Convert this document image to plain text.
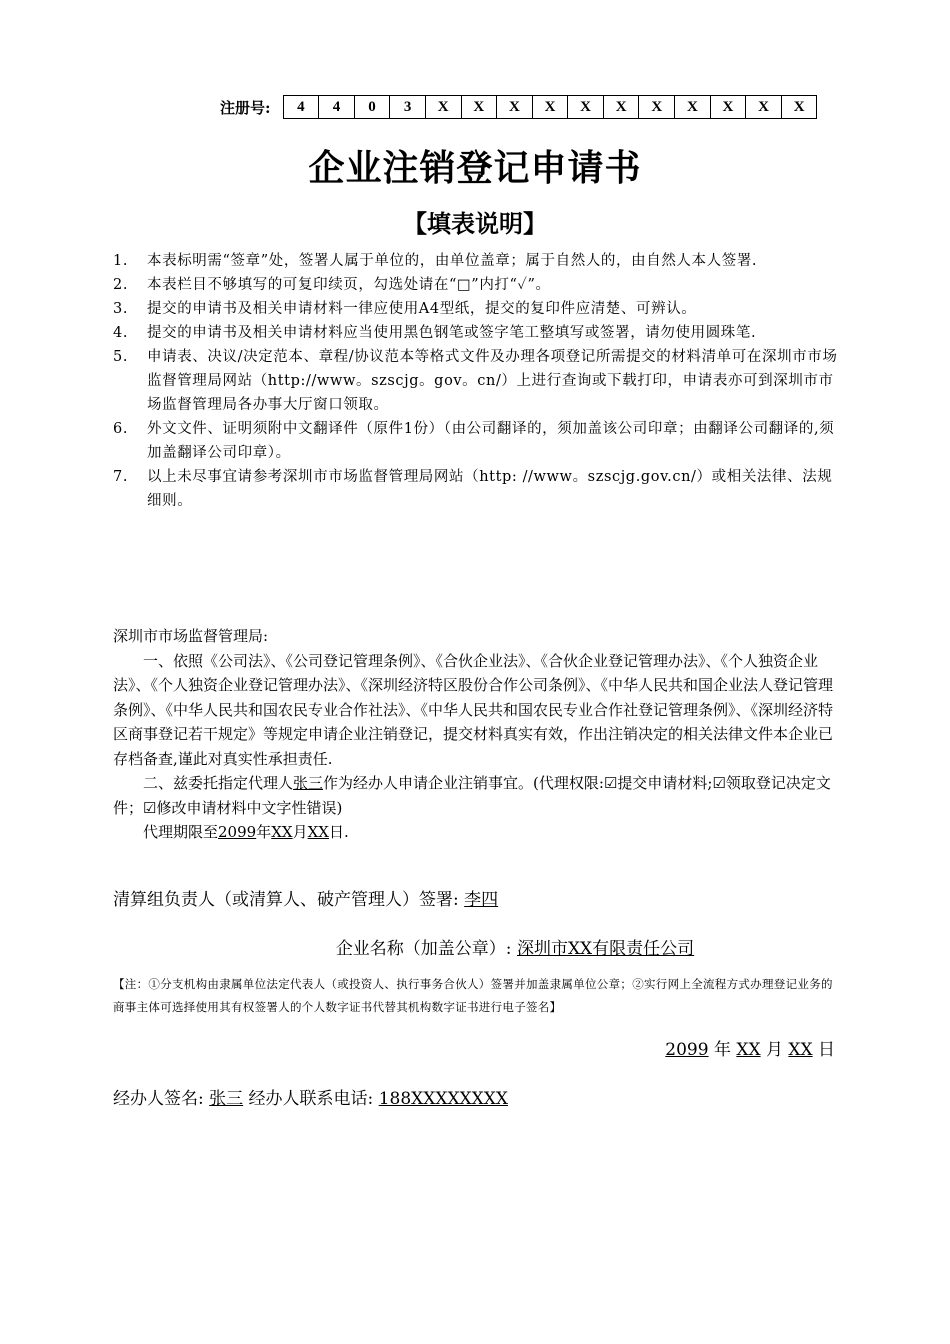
注册号:	4	4	0	3	X	X	X	X	X	X	X	X	X	X	X
企业注销登记申请书
【填表说明】
1.	本表标明需“签章”处，签署人属于单位的，由单位盖章；属于自然人的，由自然人本人签署.
2.	本表栏目不够填写的可复印续页，勾选处请在“□”内打“✓”。
3.	提交的申请书及相关申请材料一律应使用A4型纸，提交的复印件应清楚、可辨认。
4.	提交的申请书及相关申请材料应当使用黑色钢笔或签字笔工整填写或签署，请勿使用圆珠笔.
5.	申请表、决议/决定范本、章程/协议范本等格式文件及办理各项登记所需提交的材料清单可在深圳市市场监督管理局网站（http://www。szscjg。gov。cn/）上进行查询或下载打印，申请表亦可到深圳市市场监督管理局各办事大厅窗口领取。
6.	外文文件、证明须附中文翻译件（原件1份）（由公司翻译的，须加盖该公司印章；由翻译公司翻译的,须加盖翻译公司印章）。
7.	以上未尽事宜请参考深圳市市场监督管理局网站（http: //www。szscjg.gov.cn/）或相关法律、法规细则。

深圳市市场监督管理局:

一、依照《公司法》、《公司登记管理条例》、《合伙企业法》、《合伙企业登记管理办法》、《个人独资企业法》、《个人独资企业登记管理办法》、《深圳经济特区股份合作公司条例》、《中华人民共和国企业法人登记管理条例》、《中华人民共和国农民专业合作社法》、《中华人民共和国农民专业合作社登记管理条例》、《深圳经济特区商事登记若干规定》等规定申请企业注销登记，提交材料真实有效，作出注销决定的相关法律文件本企业已存档备查,谨此对真实性承担责任.

二、兹委托指定代理人张三作为经办人申请企业注销事宜。(代理权限:☑提交申请材料;☑领取登记决定文件；☑修改申请材料中文字性错误)

代理期限至2099年XX月XX日.

清算组负责人（或清算人、破产管理人）签署: 李四
企业名称（加盖公章）: 深圳市XX有限责任公司
【注：①分支机构由隶属单位法定代表人（或投资人、执行事务合伙人）签署并加盖隶属单位公章；②实行网上全流程方式办理登记业务的商事主体可选择使用其有权签署人的个人数字证书代替其机构数字证书进行电子签名】
2099 年 XX 月 XX 日
经办人签名: 张三 经办人联系电话: 188XXXXXXXX
